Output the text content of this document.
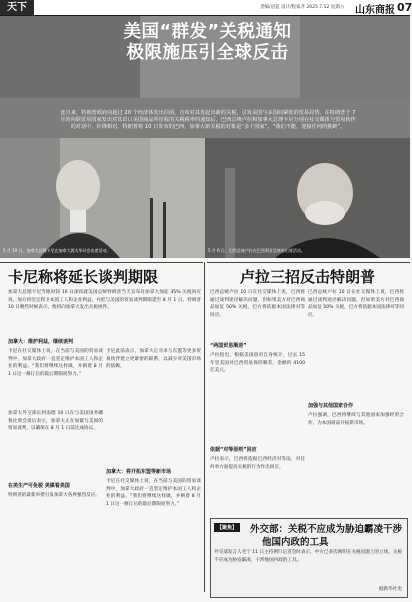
天下	责编/冠超 设计/程家齐 2025.7.12 星期六 山东商报 07
美国“群发”关税通知
极限施压引全球反击
连日来，特朗普政府向超过 20 个经济体发出信函，宣布对其发起出新的关税，引发美国与多国间紧张的贸易局势。在特朗普于 7 月的向联贸易国家发出对其出口美国商品所征收的关税税率的通知后，巴西总统卢拉和加拿大总理卡尼分别在社交媒体与贸易伙伴的对话中，针锋相对。特朗普将 10 日发布的巴西、加拿大新关税的对象是“多个国家”。“我们不能，迎接任何的挑衅”。
5 月 19 日，加拿大总理卡尼在加拿大渥太华议会出席活动。	5 月 6 日，巴西总统卢拉在巴西利亚总统府出席活动。
卡尼称将延长谈判期限
加拿大总理卡尼当地时间 10 日深夜就美国总统特朗普当天宣布对加拿大加征 35% 关税回应说，加方将坚定捍卫本国工人和企业利益，并把与美国的贸易谈判期限延至 8 月 1 日。特朗普 10 日晚些时候表示，他将向加拿大发出关税函件。
加拿大：维护利益，继续谈判
卡尼在社交媒体上说，在当前与美国的贸易谈判中，加拿大政府一直坚定维护本国工人和企业的利益。“我们将继续这样做，并朝着 8 月 1 日这一修订后的最后期限而努力。”
加拿大外交部长阿南德 10 日在与美国国务卿鲁比奥会谈后表示，加拿大正在加紧与美国的贸易谈判，以确保在 8 月 1 日前达成协议。
加拿大：将开拓东盟等新市场
卡尼此前表示，加拿大正寻求与东盟等更多贸易伙伴建立更紧密的联系，以减少对美国市场的依赖。
在美生产可免税 美媒看美国
特朗普的最新举措引发加拿大各界强烈反应。
卡尼在社交媒体上说，在当前与美国的贸易谈判中，加拿大政府一直坚定维护本国工人和企业的利益。“我们将继续这样做，并朝着 8 月 1 日这一修订后的最后期限而努力。”
卢拉三招反击特朗普
巴西总统卢拉 10 日在社交媒体上说，巴西将通过谈判途径解决问题，但如果美方对巴西商品加征 50% 关税，巴方将依据本国法律对等回应。
“两国贸易顺逆”
卢拉指出，根据美国政府自身统计，过去 15 年里美国对巴西贸易保持顺差，金额约 4100 亿美元。
依据“对等原则”回应
卢拉表示，巴西将依据巴西经济对等法，对任何单方面提高关税的行为作出回应。
巴西总统卢拉 10 日在社交媒体上说，巴西将通过谈判途径解决问题，但如果美方对巴西商品加征 50% 关税，巴方将依据本国法律对等回应。
加强与其他国家合作
卢拉强调，巴西将继续与其他国家加强经贸合作，为本国商品开拓新市场。
【聚焦】	外交部：关税不应成为胁迫霸凌干涉
他国内政的工具
外交部发言人毛宁 11 日主持例行记者会时表示，中方已多次阐明在关税问题上的立场。关税不应成为胁迫霸凌、干涉他国内政的工具。
据新华社电
